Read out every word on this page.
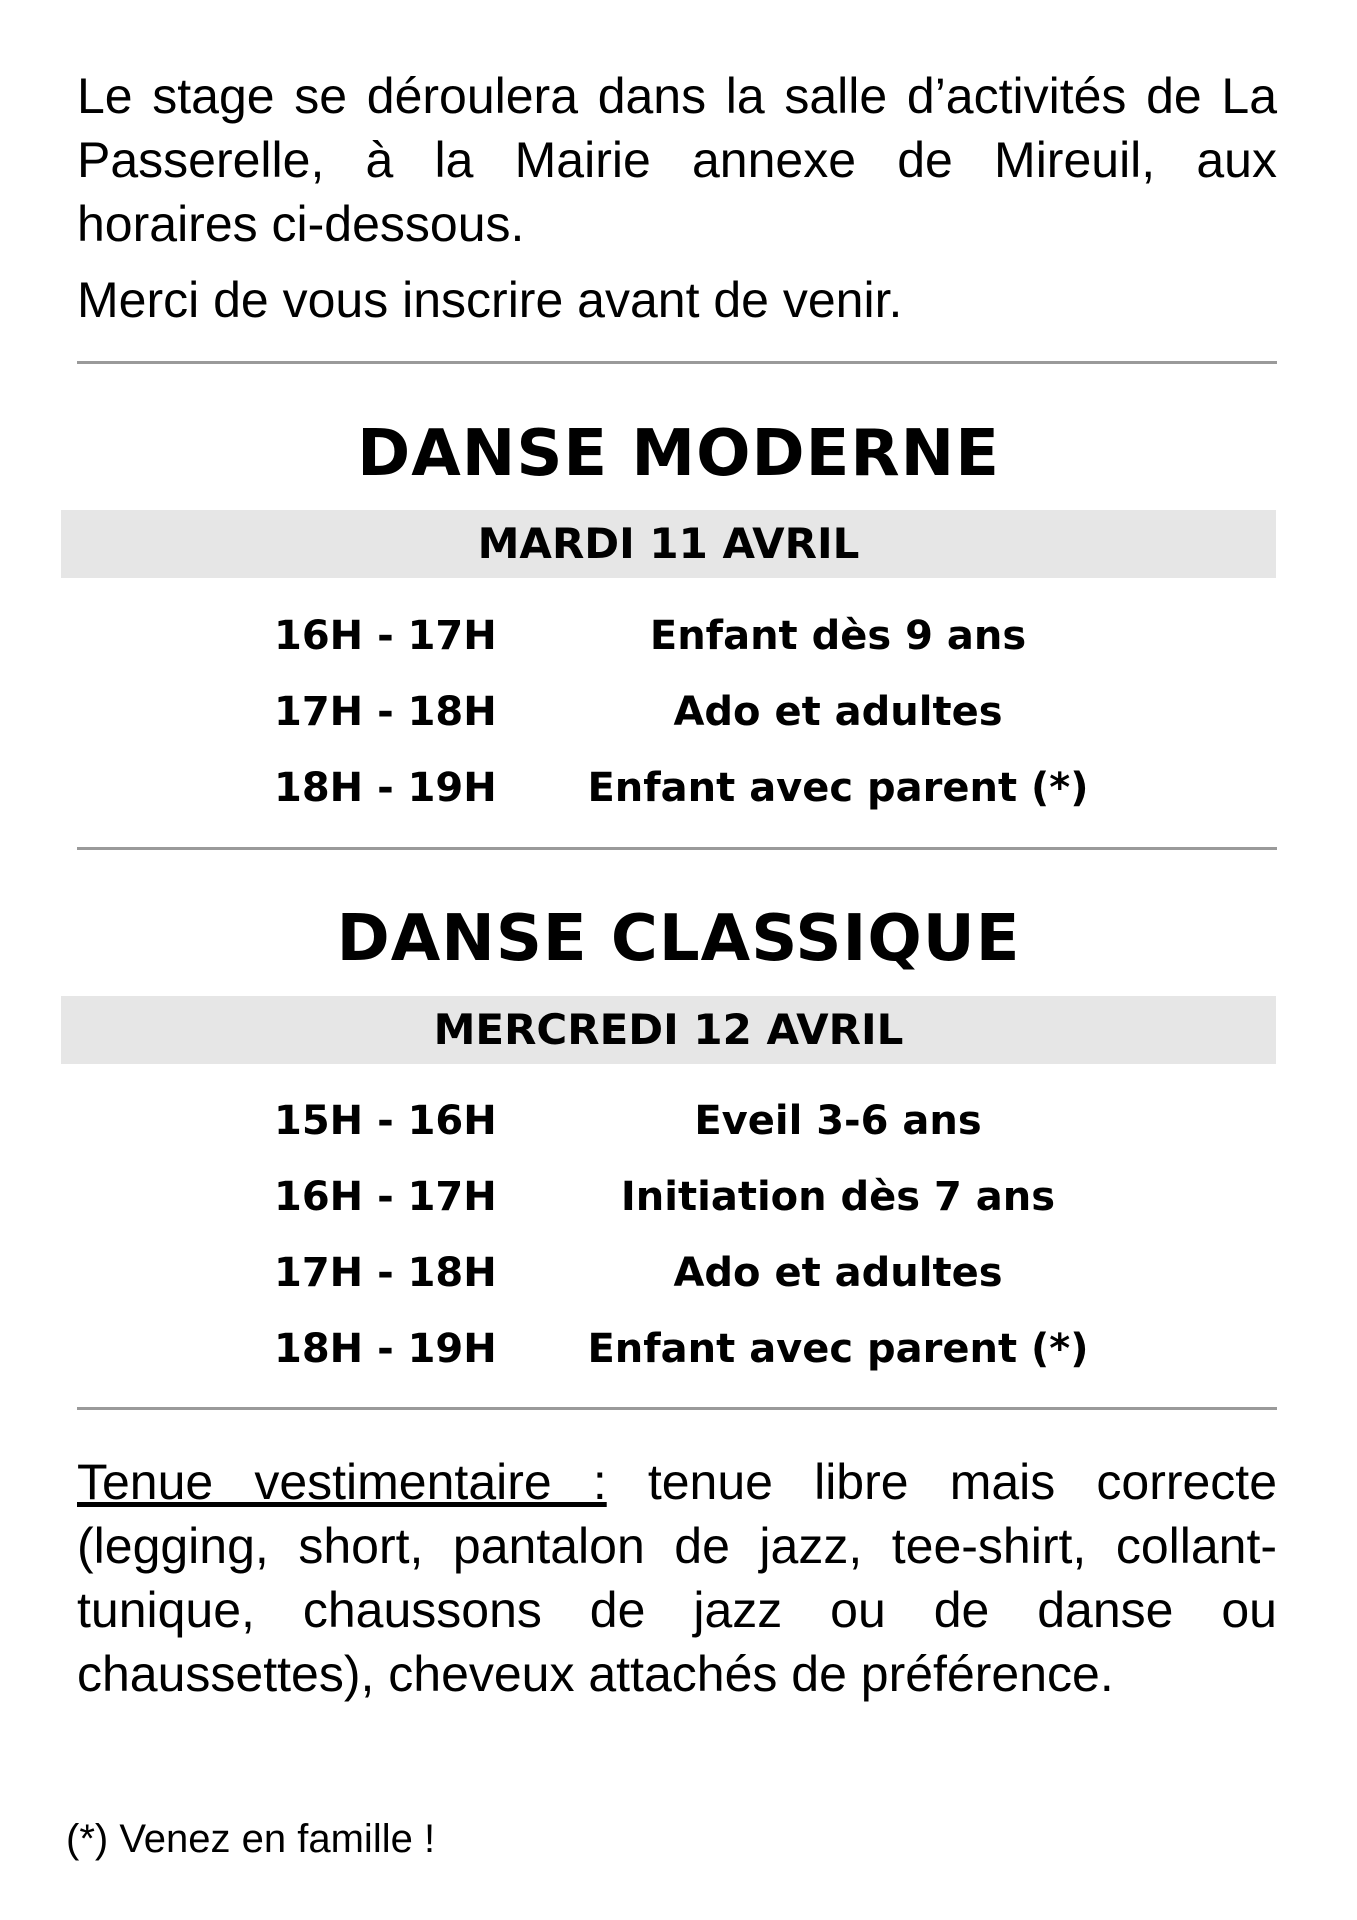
Le stage se déroulera dans la salle d’activités de La Passerelle, à la Mairie annexe de Mireuil, aux horaires ci-dessous.

Merci de vous inscrire avant de venir.

DANSE MODERNE
MARDI 11 AVRIL
16H - 17H	Enfant dès 9 ans
17H - 18H	Ado et adultes
18H - 19H	Enfant avec parent (*)
DANSE CLASSIQUE
MERCREDI 12 AVRIL
15H - 16H	Eveil 3-6 ans
16H - 17H	Initiation dès 7 ans
17H - 18H	Ado et adultes
18H - 19H	Enfant avec parent (*)
Tenue vestimentaire : tenue libre mais correcte (legging, short, pantalon de jazz, tee-shirt, collant-tunique, chaussons de jazz ou de danse ou chaussettes), cheveux attachés de préférence.
(*) Venez en famille !
